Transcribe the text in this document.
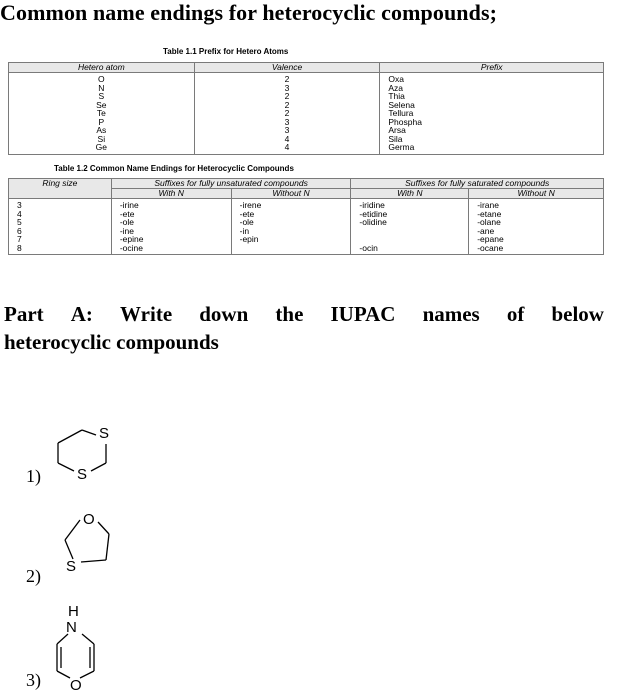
Common name endings for heterocyclic compounds;
Table 1.1 Prefix for Hetero Atoms
Hetero atom	Valence	Prefix
O	2	Oxa
N	3	Aza
S	2	Thia
Se	2	Selena
Te	2	Tellura
P	3	Phospha
As	3	Arsa
Si	4	Sila
Ge	4	Germa
Table 1.2 Common Name Endings for Heterocyclic Compounds
Ring size	Suffixes for fully unsaturated compounds		Suffixes for fully saturated compounds	
	With N	Without N	With N	Without N
3	-irine	-irene	-iridine	-irane
4	-ete	-ete	-etidine	-etane
5	-ole	-ole	-olidine	-olane
6	-ine	-in		-ane
7	-epine	-epin		-epane
8	-ocine		-ocin	-ocane
Part A: Write down the IUPAC names of below
heterocyclic compounds
1)
S
S
2)
O
S
3)
H
N
O
